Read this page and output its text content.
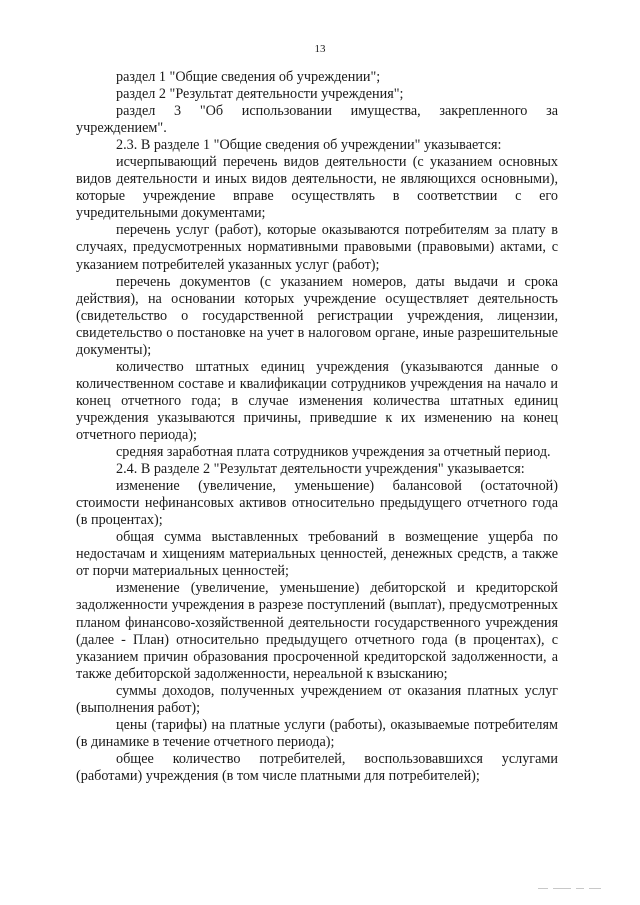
13

раздел 1 "Общие сведения об учреждении";

раздел 2 "Результат деятельности учреждения";

раздел 3 "Об использовании имущества, закрепленного за учреждением".

2.3. В разделе 1 "Общие сведения об учреждении" указывается:

исчерпывающий перечень видов деятельности (с указанием основных видов деятельности и иных видов деятельности, не являющихся основными), которые учреждение вправе осуществлять в соответствии с его учредительными документами;

перечень услуг (работ), которые оказываются потребителям за плату в случаях, предусмотренных нормативными правовыми (правовыми) актами, с указанием потребителей указанных услуг (работ);

перечень документов (с указанием номеров, даты выдачи и срока действия), на основании которых учреждение осуществляет деятельность (свидетельство о государственной регистрации учреждения, лицензии, свидетельство о постановке на учет в налоговом органе, иные разрешительные документы);

количество штатных единиц учреждения (указываются данные о количественном составе и квалификации сотрудников учреждения на начало и конец отчетного года; в случае изменения количества штатных единиц учреждения указываются причины, приведшие к их изменению на конец отчетного периода);

средняя заработная плата сотрудников учреждения за отчетный период.

2.4. В разделе 2 "Результат деятельности учреждения" указывается:

изменение (увеличение, уменьшение) балансовой (остаточной) стоимости нефинансовых активов относительно предыдущего отчетного года (в процентах);

общая сумма выставленных требований в возмещение ущерба по недостачам и хищениям материальных ценностей, денежных средств, а также от порчи материальных ценностей;

изменение (увеличение, уменьшение) дебиторской и кредиторской задолженности учреждения в разрезе поступлений (выплат), предусмотренных планом финансово-хозяйственной деятельности государственного учреждения (далее - План) относительно предыдущего отчетного года (в процентах), с указанием причин образования просроченной кредиторской задолженности, а также дебиторской задолженности, нереальной к взысканию;

суммы доходов, полученных учреждением от оказания платных услуг (выполнения работ);

цены (тарифы) на платные услуги (работы), оказываемые потребителям (в динамике в течение отчетного периода);

общее количество потребителей, воспользовавшихся услугами (работами) учреждения (в том числе платными для потребителей);
